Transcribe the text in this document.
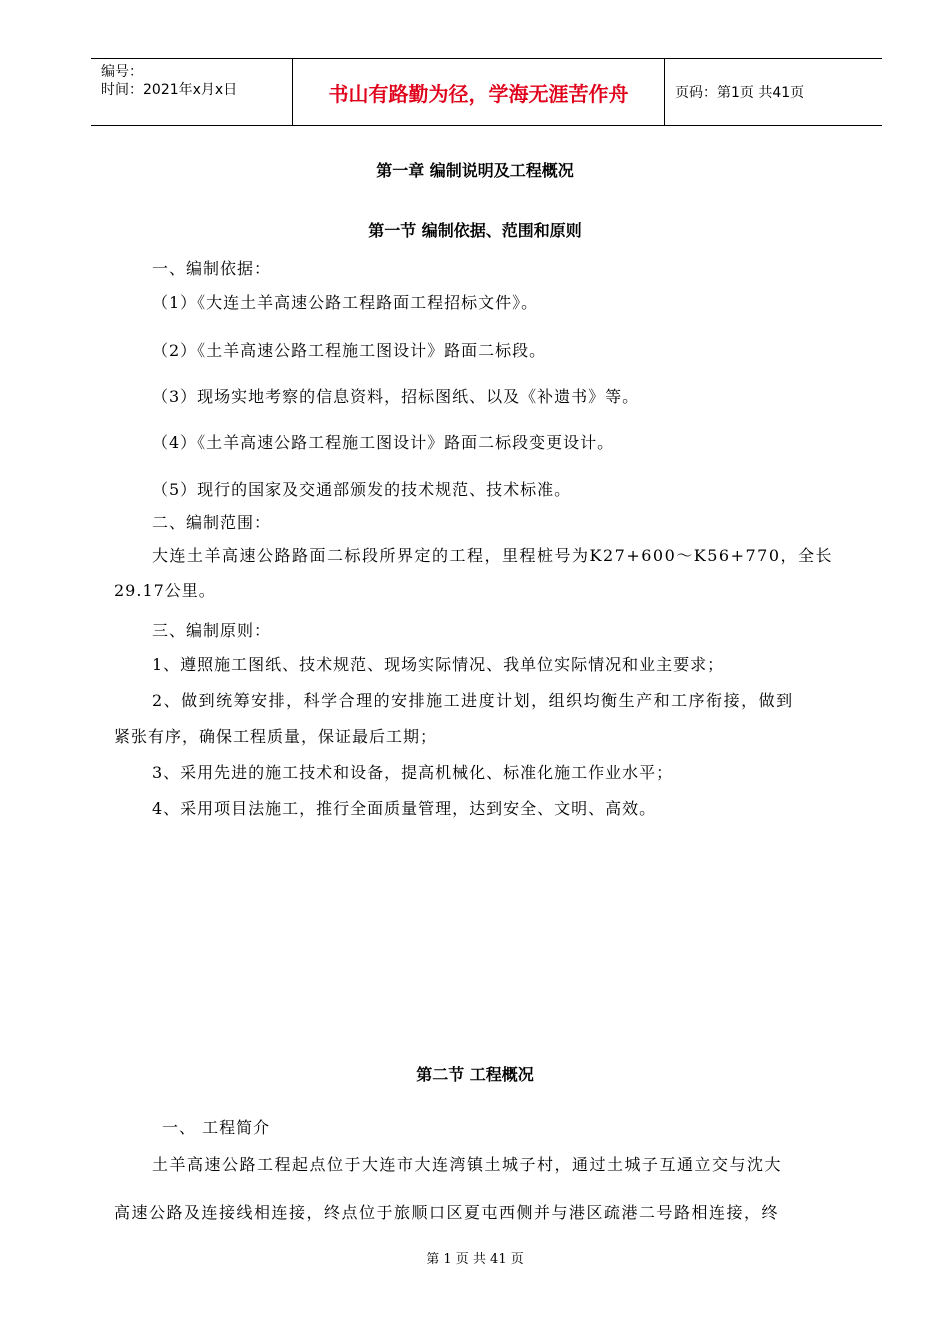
编号：
时间：2021年x月x日	书山有路勤为径，学海无涯苦作舟	页码：第1页 共41页
第一章 编制说明及工程概况
第一节 编制依据、范围和原则
一、编制依据：
（1）《大连土羊高速公路工程路面工程招标文件》。
（2）《土羊高速公路工程施工图设计》路面二标段。
（3）现场实地考察的信息资料，招标图纸、以及《补遗书》等。
（4）《土羊高速公路工程施工图设计》路面二标段变更设计。
（5）现行的国家及交通部颁发的技术规范、技术标准。
二、编制范围：
大连土羊高速公路路面二标段所界定的工程，里程桩号为K27+600～K56+770，全长
29.17公里。
三、编制原则：
1、遵照施工图纸、技术规范、现场实际情况、我单位实际情况和业主要求；
2、做到统筹安排，科学合理的安排施工进度计划，组织均衡生产和工序衔接，做到
紧张有序，确保工程质量，保证最后工期；
3、采用先进的施工技术和设备，提高机械化、标准化施工作业水平；
4、采用项目法施工，推行全面质量管理，达到安全、文明、高效。
第二节 工程概况
一、 工程简介
土羊高速公路工程起点位于大连市大连湾镇土城子村，通过土城子互通立交与沈大
高速公路及连接线相连接，终点位于旅顺口区夏屯西侧并与港区疏港二号路相连接，终
第 1 页 共 41 页
